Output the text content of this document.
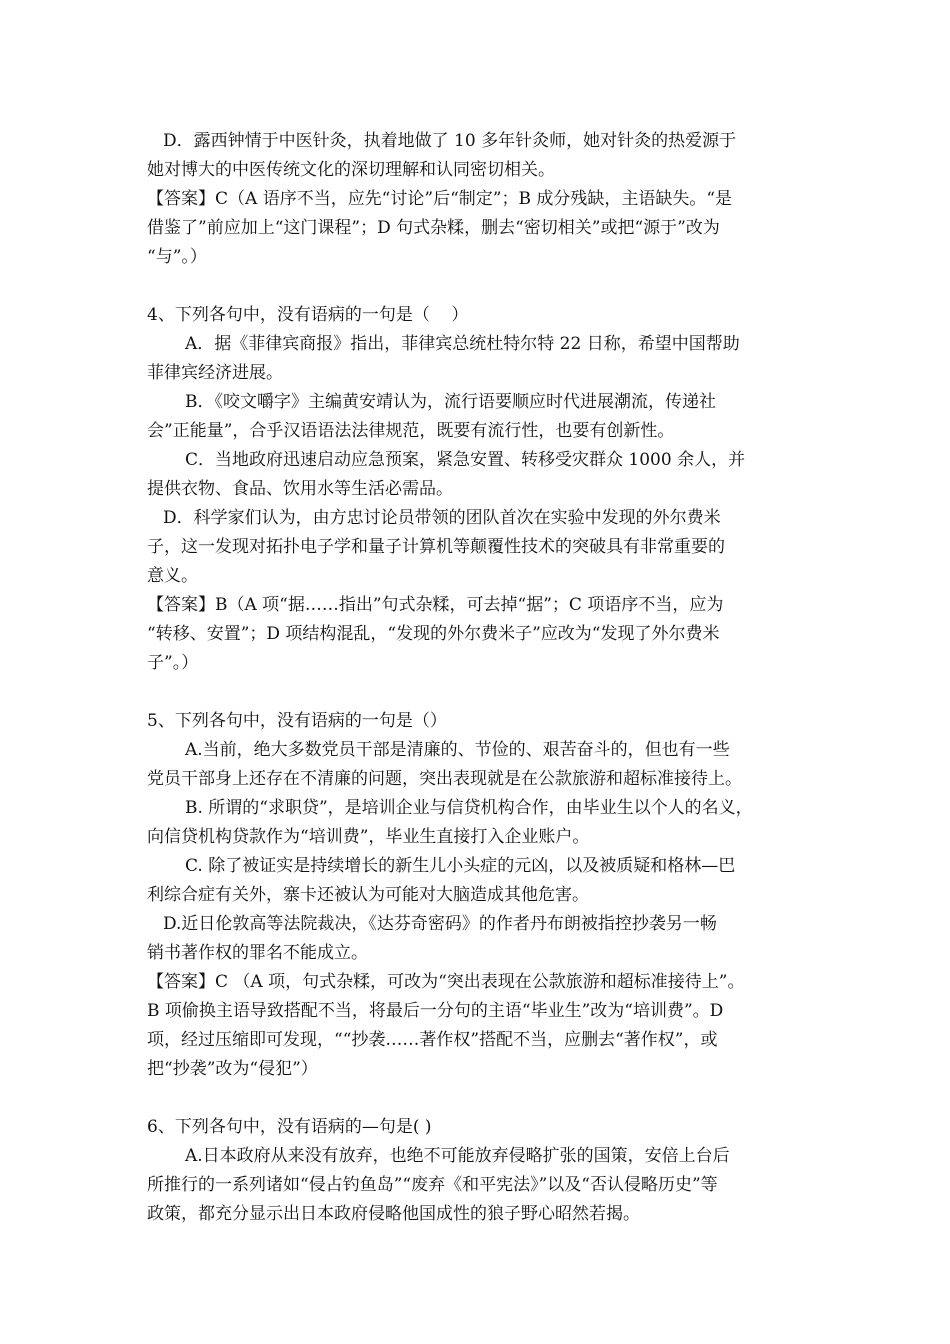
D．露西钟情于中医针灸，执着地做了 10 多年针灸师，她对针灸的热爱源于
她对博大的中医传统文化的深切理解和认同密切相关。
【答案】C（A 语序不当，应先“讨论”后“制定”；B 成分残缺，主语缺失。“是
借鉴了”前应加上“这门课程”；D 句式杂糅，删去“密切相关”或把“源于”改为
“与”。）
4、下列各句中，没有语病的一句是（    ）
A．据《菲律宾商报》指出，菲律宾总统杜特尔特 22 日称，希望中国帮助
菲律宾经济进展。
B．《咬文嚼字》主编黄安靖认为，流行语要顺应时代进展潮流，传递社
会”正能量”，合乎汉语语法法律规范，既要有流行性，也要有创新性。
C．当地政府迅速启动应急预案，紧急安置、转移受灾群众 1000 余人，并
提供衣物、食品、饮用水等生活必需品。
D．科学家们认为，由方忠讨论员带领的团队首次在实验中发现的外尔费米
子，这一发现对拓扑电子学和量子计算机等颠覆性技术的突破具有非常重要的
意义。
【答案】B（A 项“据……指出”句式杂糅，可去掉“据”；C 项语序不当，应为
“转移、安置”；D 项结构混乱，“发现的外尔费米子”应改为“发现了外尔费米
子”。）
5、下列各句中，没有语病的一句是（）
A.当前，绝大多数党员干部是清廉的、节俭的、艰苦奋斗的，但也有一些
党员干部身上还存在不清廉的问题，突出表现就是在公款旅游和超标准接待上。
B. 所谓的“求职贷”，是培训企业与信贷机构合作，由毕业生以个人的名义，
向信贷机构贷款作为“培训费”，毕业生直接打入企业账户。
C. 除了被证实是持续增长的新生儿小头症的元凶，以及被质疑和格林—巴
利综合症有关外，寨卡还被认为可能对大脑造成其他危害。
D.近日伦敦高等法院裁决，《达芬奇密码》的作者丹布朗被指控抄袭另一畅
销书著作权的罪名不能成立。
【答案】C （A 项，句式杂糅，可改为“突出表现在公款旅游和超标准接待上”。
B 项偷换主语导致搭配不当，将最后一分句的主语“毕业生”改为“培训费”。D
项，经过压缩即可发现，““抄袭……著作权”搭配不当，应删去“著作权”，或
把“抄袭”改为“侵犯”）
6、下列各句中，没有语病的—句是( )
A.日本政府从来没有放弃，也绝不可能放弃侵略扩张的国策，安倍上台后
所推行的一系列诸如“侵占钓鱼岛”“废弃《和平宪法》”以及“否认侵略历史”等
政策，都充分显示出日本政府侵略他国成性的狼子野心昭然若揭。
